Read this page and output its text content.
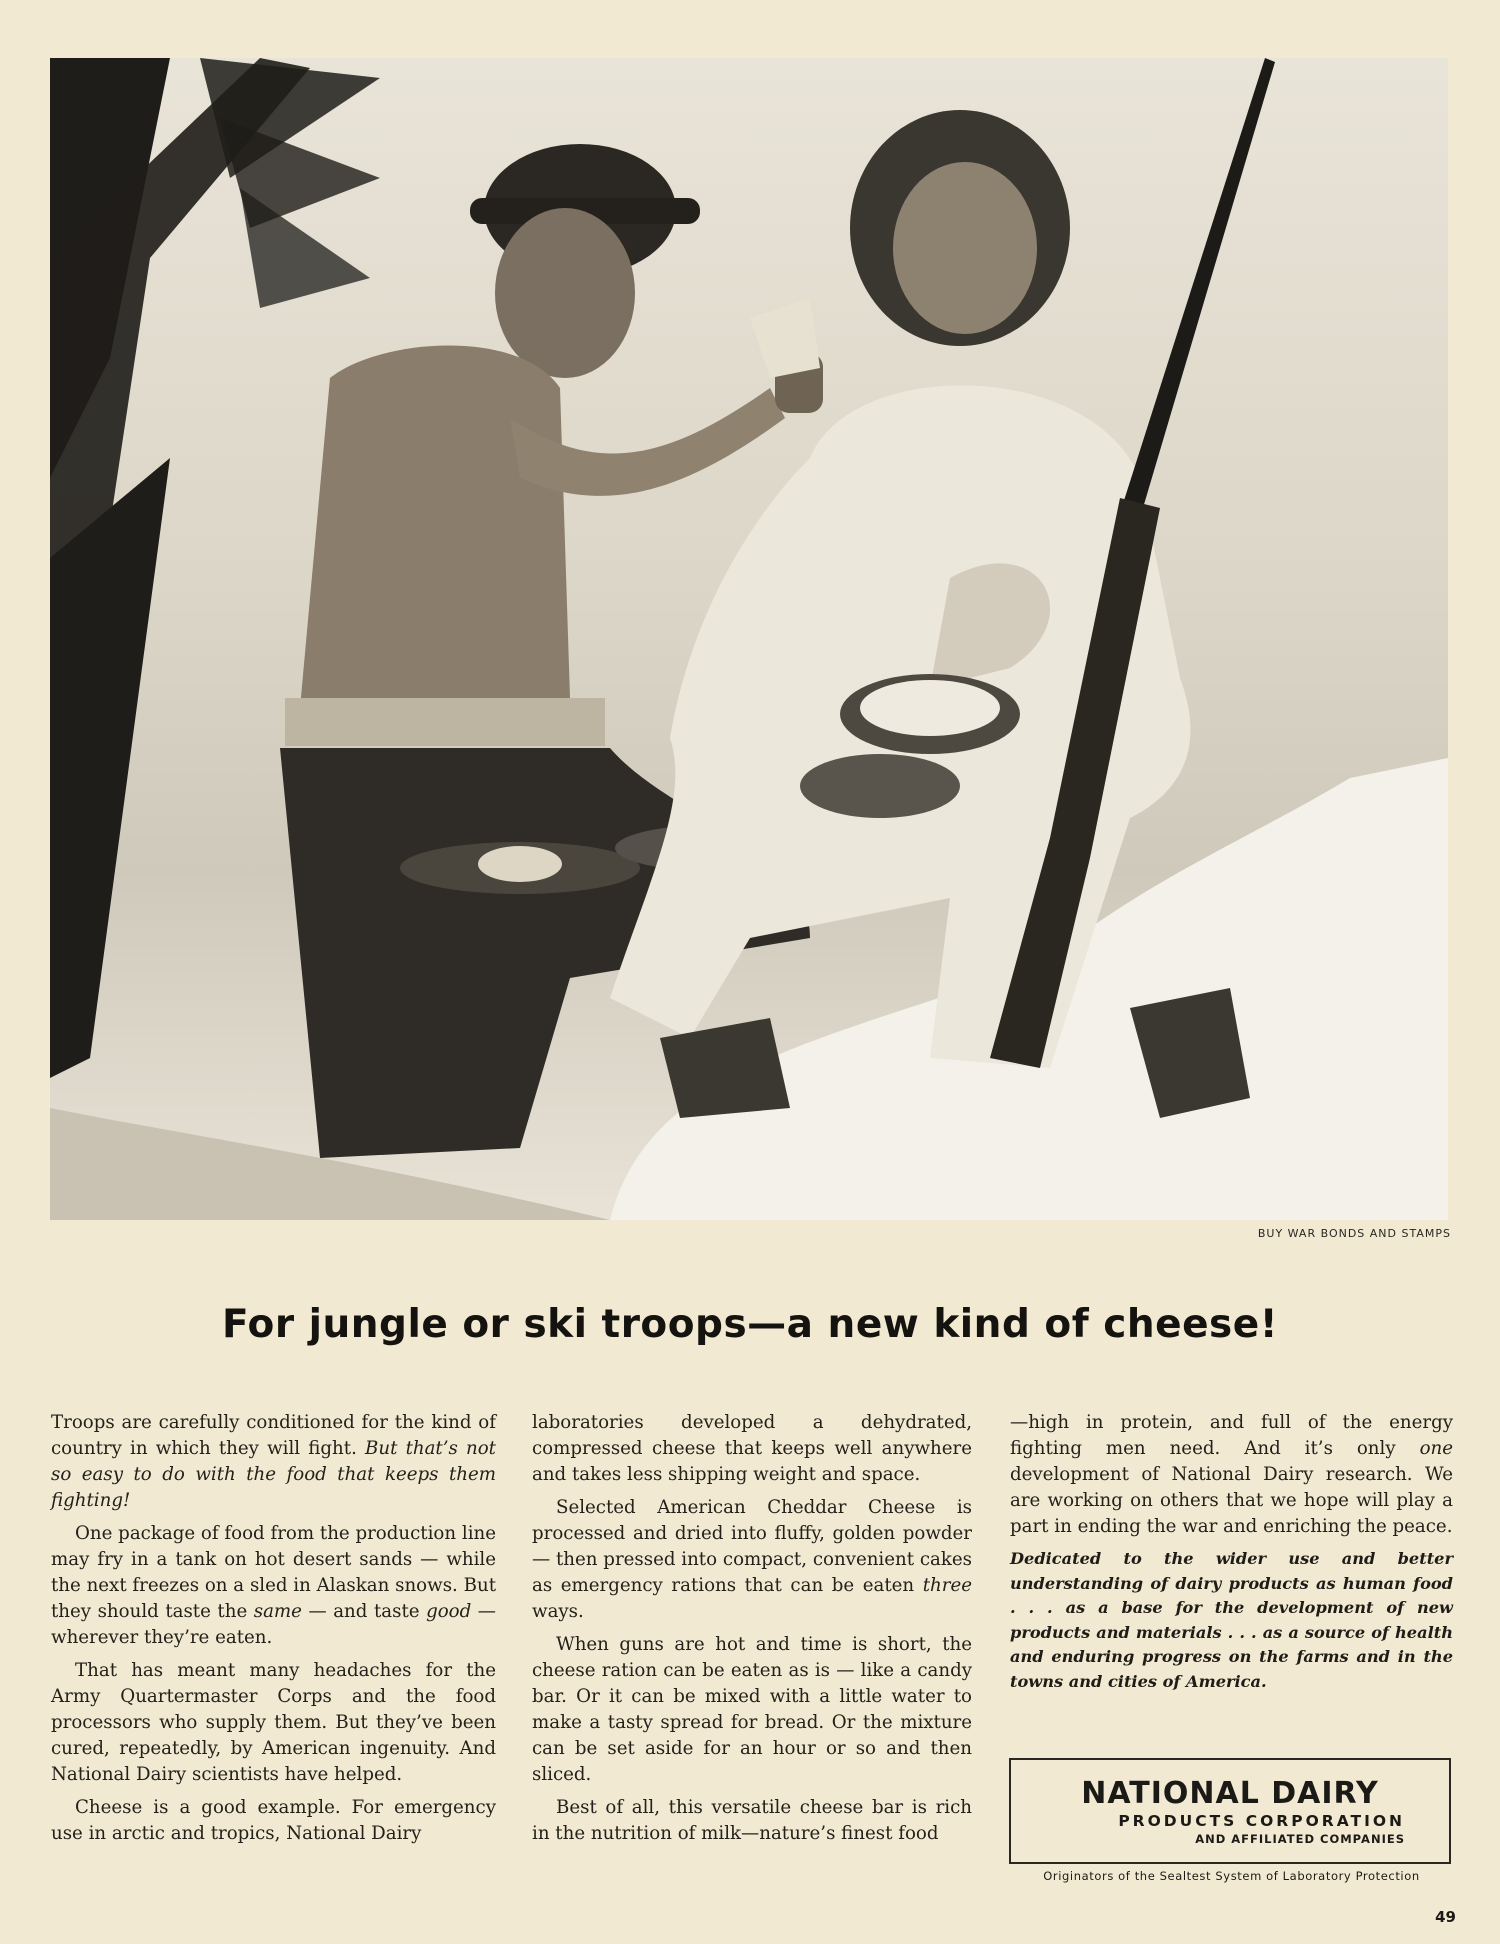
BUY WAR BONDS AND STAMPS
For jungle or ski troops—a new kind of cheese!

Troops are carefully conditioned for the kind of country in which they will fight. But that’s not so easy to do with the food that keeps them fighting!

One package of food from the production line may fry in a tank on hot desert sands — while the next freezes on a sled in Alaskan snows. But they should taste the same — and taste good — wherever they’re eaten.

That has meant many headaches for the Army Quartermaster Corps and the food processors who supply them. But they’ve been cured, repeatedly, by American ingenuity. And National Dairy scientists have helped.

Cheese is a good example. For emergency use in arctic and tropics, National Dairy

laboratories developed a dehydrated, compressed cheese that keeps well anywhere and takes less shipping weight and space.

Selected American Cheddar Cheese is processed and dried into fluffy, golden powder — then pressed into compact, convenient cakes as emergency rations that can be eaten three ways.

When guns are hot and time is short, the cheese ration can be eaten as is — like a candy bar. Or it can be mixed with a little water to make a tasty spread for bread. Or the mixture can be set aside for an hour or so and then sliced.

Best of all, this versatile cheese bar is rich in the nutrition of milk—nature’s finest food

—high in protein, and full of the energy fighting men need. And it’s only one development of National Dairy research. We are working on others that we hope will play a part in ending the war and enriching the peace.

Dedicated to the wider use and better understanding of dairy products as human food . . . as a base for the development of new products and materials . . . as a source of health and enduring progress on the farms and in the towns and cities of America.
NATIONAL DAIRY
PRODUCTS CORPORATION
AND AFFILIATED COMPANIES
Originators of the Sealtest System of Laboratory Protection
49
